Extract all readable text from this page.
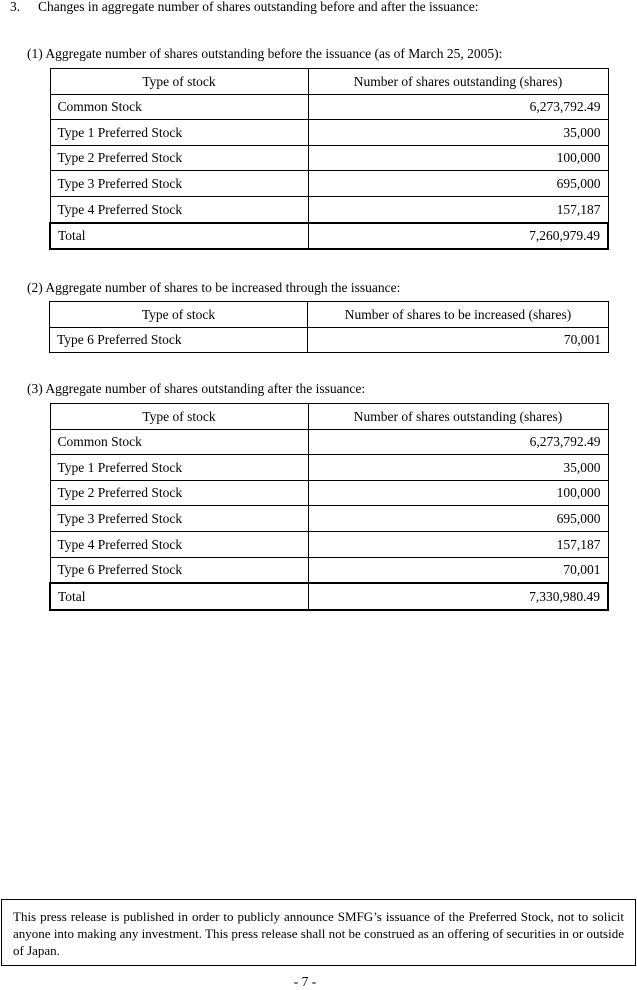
3. Changes in aggregate number of shares outstanding before and after the issuance:
(1) Aggregate number of shares outstanding before the issuance (as of March 25, 2005):
Type of stock	Number of shares outstanding (shares)
Common Stock	6,273,792.49
Type 1 Preferred Stock	35,000
Type 2 Preferred Stock	100,000
Type 3 Preferred Stock	695,000
Type 4 Preferred Stock	157,187
Total	7,260,979.49
(2) Aggregate number of shares to be increased through the issuance:
Type of stock	Number of shares to be increased (shares)
Type 6 Preferred Stock	70,001
(3) Aggregate number of shares outstanding after the issuance:
Type of stock	Number of shares outstanding (shares)
Common Stock	6,273,792.49
Type 1 Preferred Stock	35,000
Type 2 Preferred Stock	100,000
Type 3 Preferred Stock	695,000
Type 4 Preferred Stock	157,187
Type 6 Preferred Stock	70,001
Total	7,330,980.49
This press release is published in order to publicly announce SMFG’s issuance of the Preferred Stock, not to solicit anyone into making any investment. This press release shall not be construed as an offering of securities in or outside of Japan.
- 7 -
